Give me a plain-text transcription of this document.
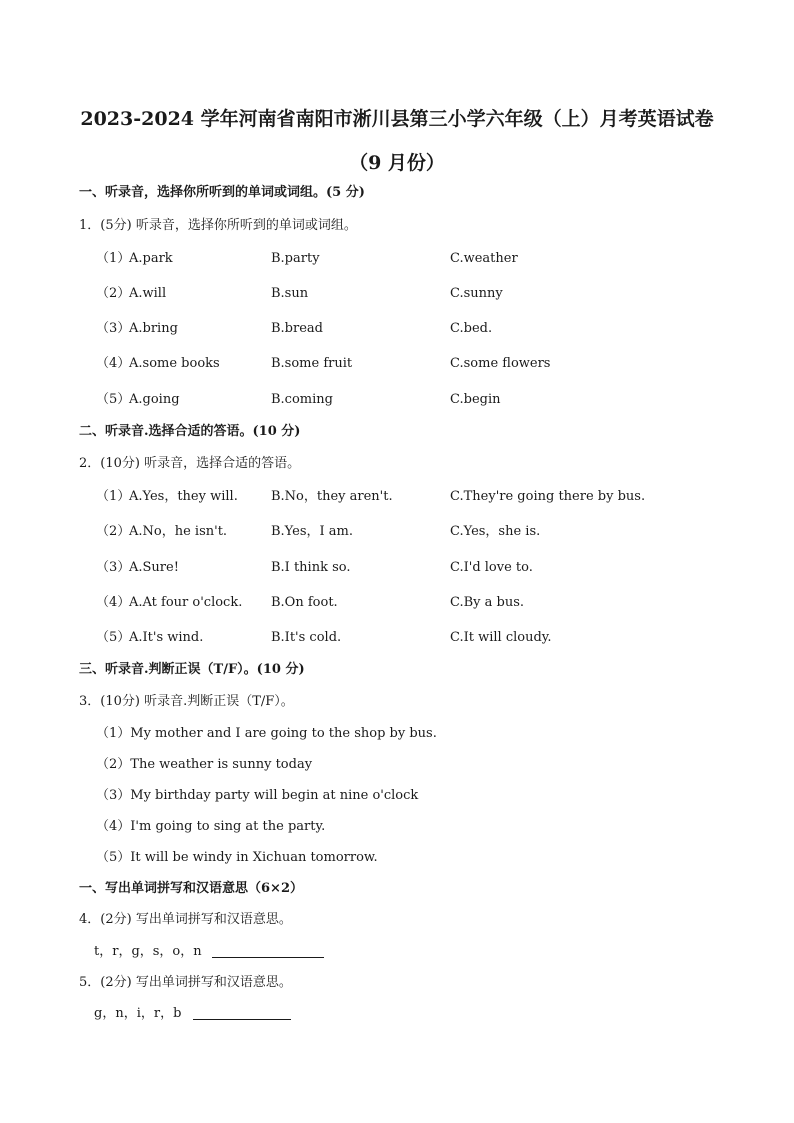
2023-2024 学年河南省南阳市淅川县第三小学六年级（上）月考英语试卷
（9 月份）
一、听录音，选择你所听到的单词或词组。(5 分)
1．(5分) 听录音，选择你所听到的单词或词组。
（1）
A.park	B.party	C.weather
（2）
A.will	B.sun	C.sunny
（3）
A.bring	B.bread	C.bed.
（4）
A.some books	B.some fruit	C.some flowers
（5）
A.going	B.coming	C.begin
二、听录音.选择合适的答语。(10 分)
2．(10分) 听录音，选择合适的答语。
（1）
A.Yes，they will.	B.No，they aren't.	C.They're going there by bus.
（2）
A.No，he isn't.	B.Yes，I am.	C.Yes，she is.
（3）
A.Sure!	B.I think so.	C.I'd love to.
（4）
A.At four o'clock. B.On foot.	C.By a bus.
（5）
A.It's wind.	B.It's cold.	C.It will cloudy.
三、听录音.判断正误（T/F）。(10 分)
3．(10分) 听录音.判断正误（T/F）。
（1）My mother and I are going to the shop by bus.
（2）The weather is sunny today
（3）My birthday party will begin at nine o'clock
（4）I'm going to sing at the party.
（5）It will be windy in Xichuan tomorrow.
一、写出单词拼写和汉语意思（6×2）
4．(2分) 写出单词拼写和汉语意思。
t，r，g，s，o，n
5．(2分) 写出单词拼写和汉语意思。
g，n，i，r，b
